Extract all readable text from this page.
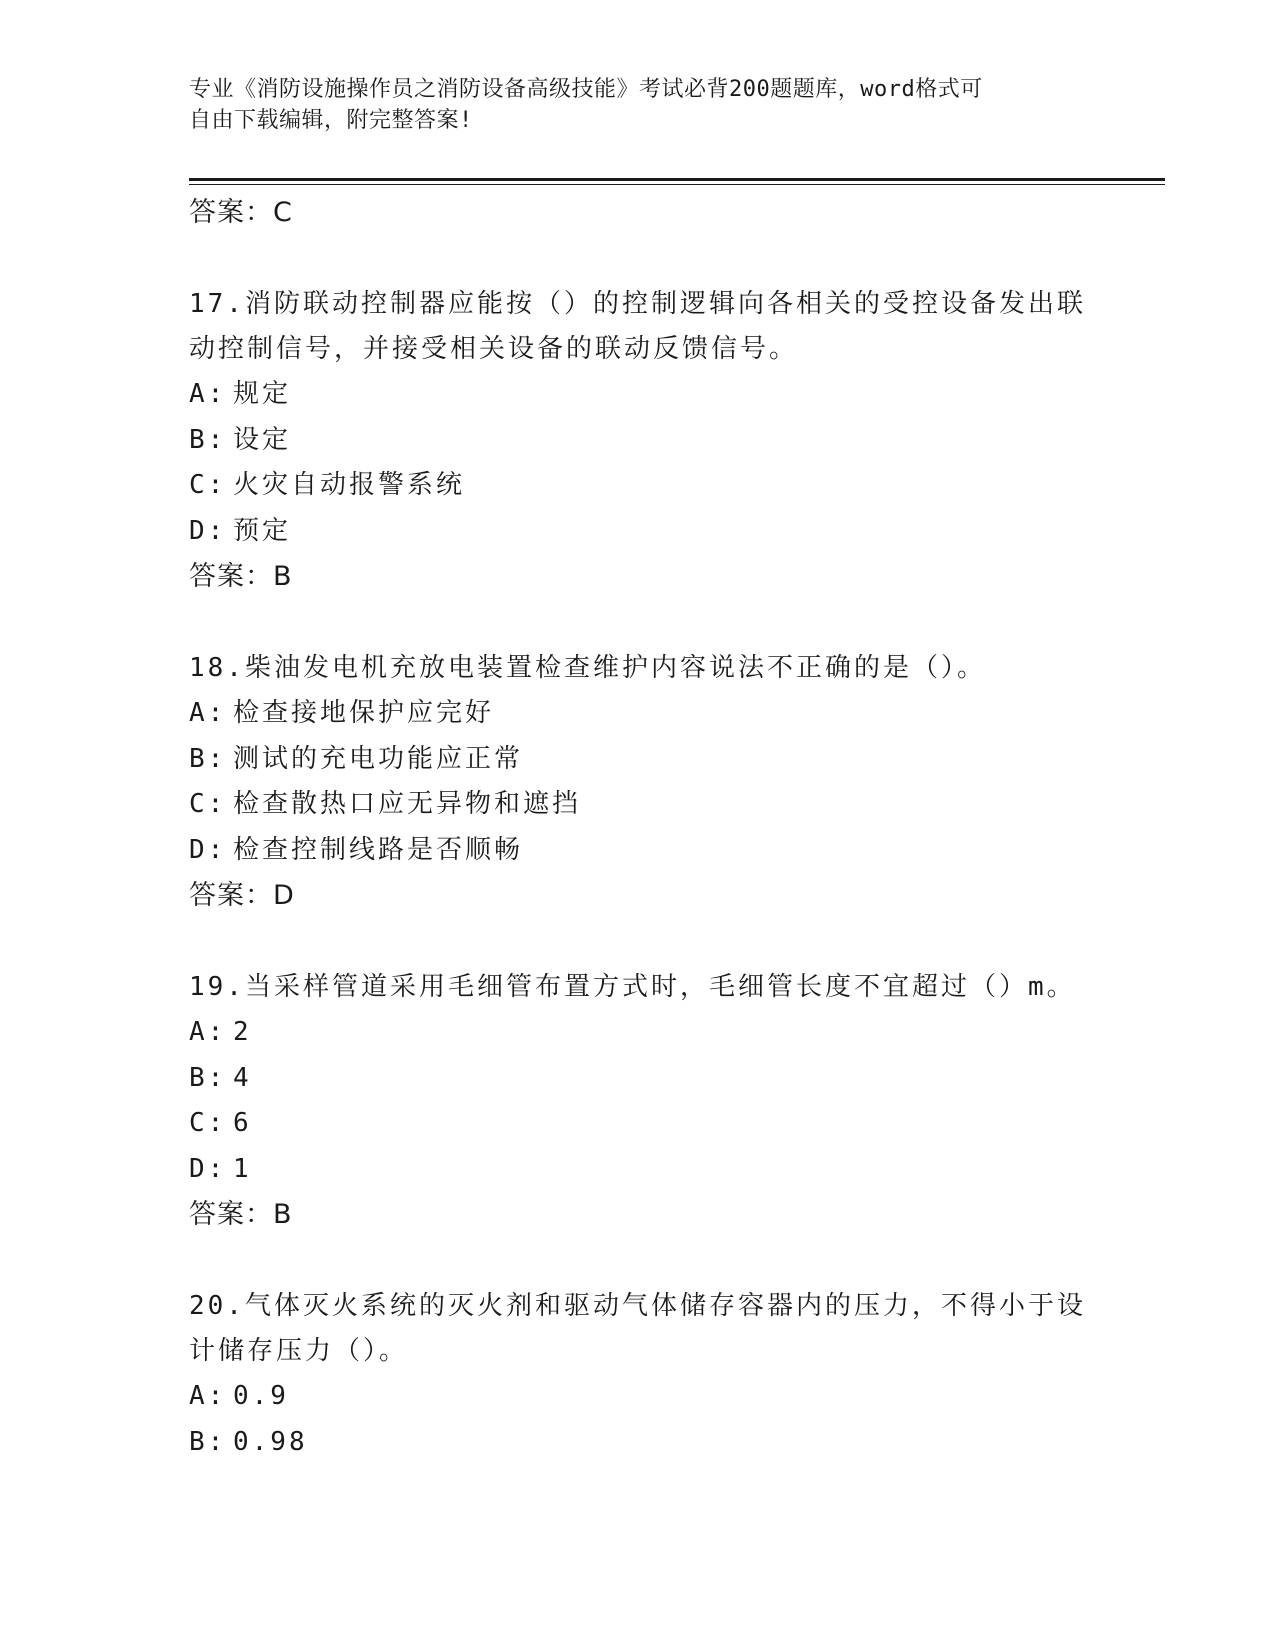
专业《消防设施操作员之消防设备高级技能》考试必背200题题库，word格式可
自由下载编辑，附完整答案!
答案：C
17.消防联动控制器应能按（）的控制逻辑向各相关的受控设备发出联
动控制信号，并接受相关设备的联动反馈信号。
A: 规定
B: 设定
C: 火灾自动报警系统
D: 预定
答案：B
18.柴油发电机充放电装置检查维护内容说法不正确的是（）。
A: 检查接地保护应完好
B: 测试的充电功能应正常
C: 检查散热口应无异物和遮挡
D: 检查控制线路是否顺畅
答案：D
19.当采样管道采用毛细管布置方式时，毛细管长度不宜超过（）m。
A: 2
B: 4
C: 6
D: 1
答案：B
20.气体灭火系统的灭火剂和驱动气体储存容器内的压力，不得小于设
计储存压力（）。
A: 0.9
B: 0.98
